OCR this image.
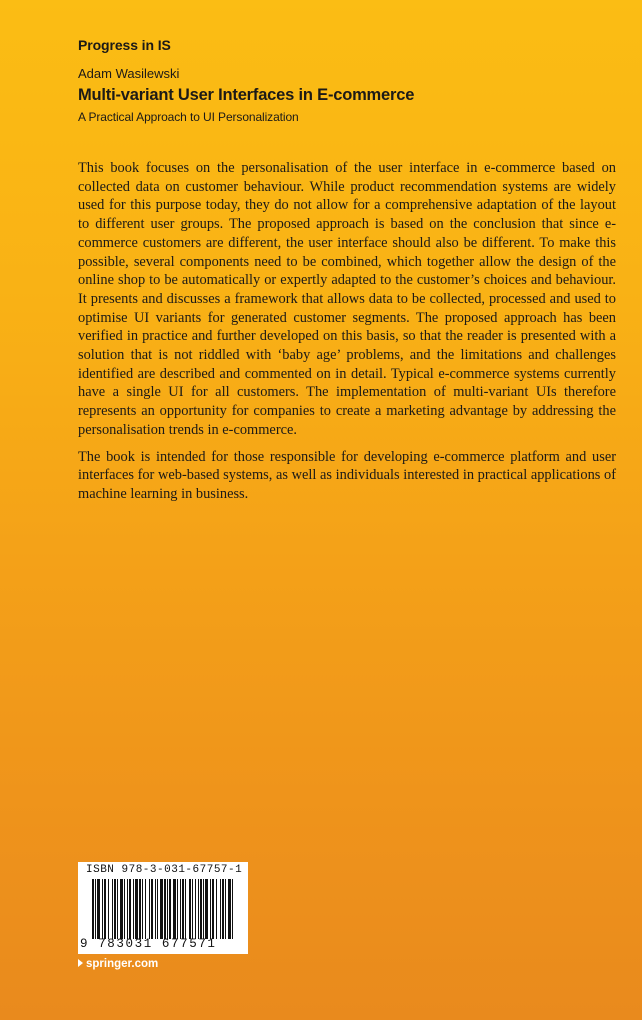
Progress in IS
Adam Wasilewski
Multi-variant User Interfaces in E-commerce
A Practical Approach to UI Personalization

This book focuses on the personalisation of the user interface in e-commerce based on collected data on customer behaviour. While product recommendation systems are widely used for this purpose today, they do not allow for a comprehensive adaptation of the layout to different user groups. The proposed approach is based on the conclusion that since e-commerce customers are different, the user interface should also be different. To make this possible, several components need to be combined, which together allow the design of the online shop to be automatically or expertly adapted to the customer’s choices and behaviour. It presents and discusses a framework that allows data to be collected, processed and used to optimise UI variants for generated customer segments. The proposed approach has been verified in practice and further developed on this basis, so that the reader is presented with a solution that is not riddled with ‘baby age’ problems, and the limitations and challenges identified are described and commented on in detail. Typical e-commerce systems currently have a single UI for all customers. The implementation of multi-variant UIs therefore represents an opportunity for companies to create a marketing advantage by addressing the personalisation trends in e-commerce.

The book is intended for those responsible for developing e-commerce platform and user interfaces for web-based systems, as well as individuals interested in practical applications of machine learning in business.

ISBN 978-3-031-67757-1
9 783031 677571
springer.com
